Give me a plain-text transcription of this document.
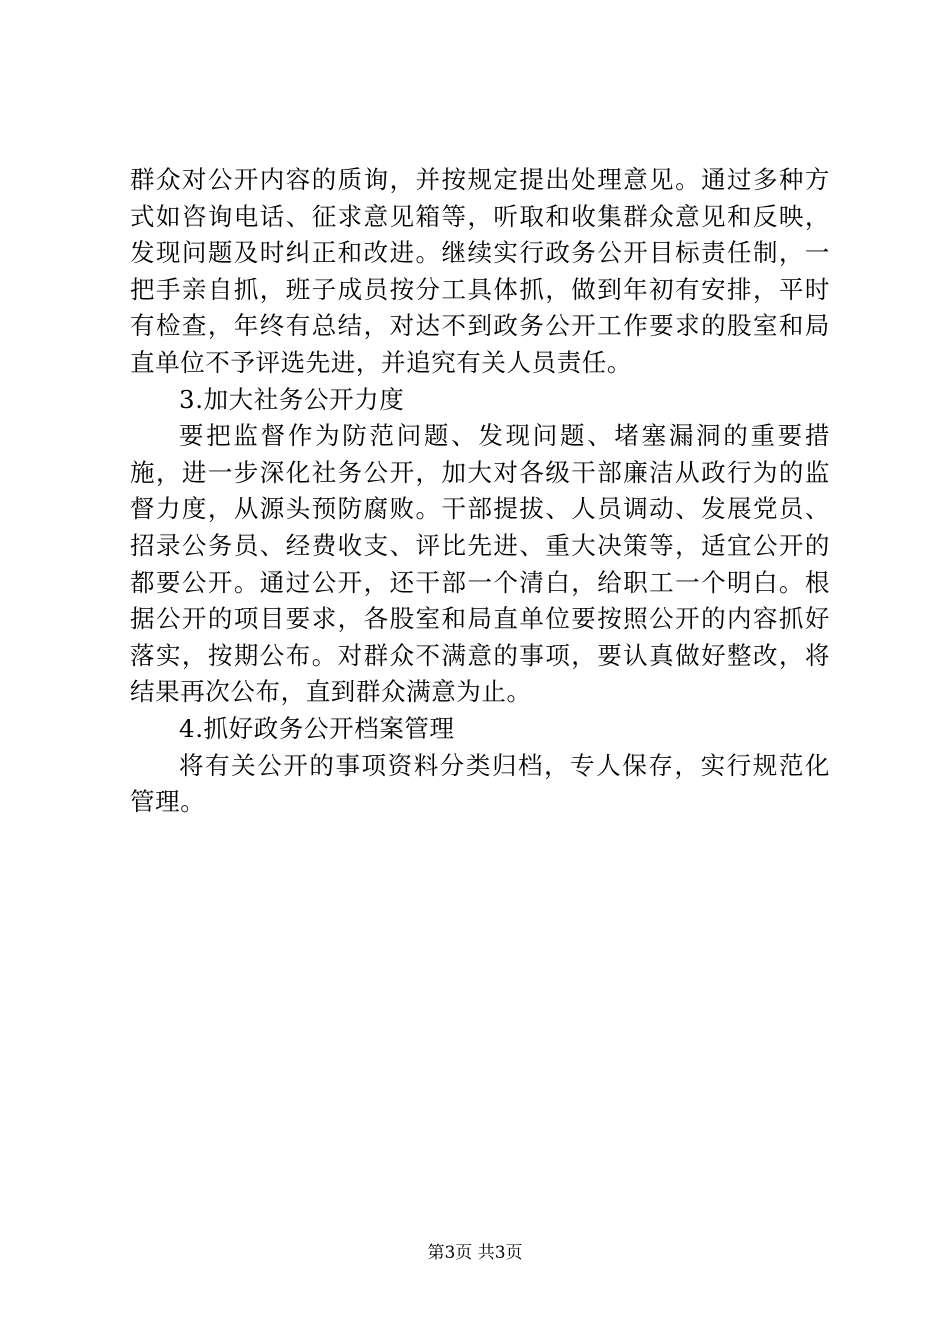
群众对公开内容的质询，并按规定提出处理意见。通过多种方式如咨询电话、征求意见箱等，听取和收集群众意见和反映，发现问题及时纠正和改进。继续实行政务公开目标责任制，一把手亲自抓，班子成员按分工具体抓，做到年初有安排，平时有检查，年终有总结，对达不到政务公开工作要求的股室和局直单位不予评选先进，并追究有关人员责任。

3.加大社务公开力度

要把监督作为防范问题、发现问题、堵塞漏洞的重要措施，进一步深化社务公开，加大对各级干部廉洁从政行为的监督力度，从源头预防腐败。干部提拔、人员调动、发展党员、招录公务员、经费收支、评比先进、重大决策等，适宜公开的都要公开。通过公开，还干部一个清白，给职工一个明白。根据公开的项目要求，各股室和局直单位要按照公开的内容抓好落实，按期公布。对群众不满意的事项，要认真做好整改，将结果再次公布，直到群众满意为止。

4.抓好政务公开档案管理

将有关公开的事项资料分类归档，专人保存，实行规范化管理。

第3页 共3页
